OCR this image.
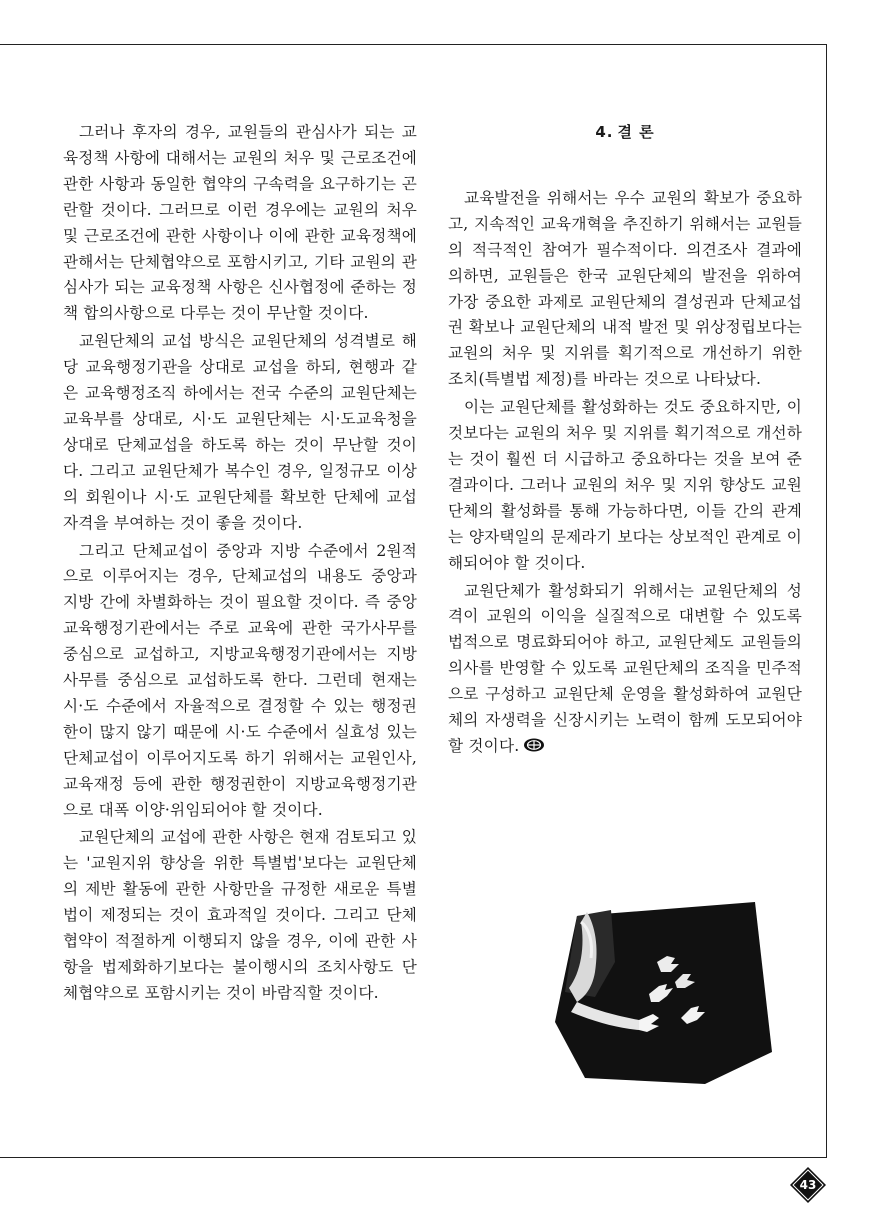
그러나 후자의 경우, 교원들의 관심사가 되는 교육정책 사항에 대해서는 교원의 처우 및 근로조건에 관한 사항과 동일한 협약의 구속력을 요구하기는 곤란할 것이다. 그러므로 이런 경우에는 교원의 처우 및 근로조건에 관한 사항이나 이에 관한 교육정책에 관해서는 단체협약으로 포함시키고, 기타 교원의 관심사가 되는 교육정책 사항은 신사협정에 준하는 정책 합의사항으로 다루는 것이 무난할 것이다.

교원단체의 교섭 방식은 교원단체의 성격별로 해당 교육행정기관을 상대로 교섭을 하되, 현행과 같은 교육행정조직 하에서는 전국 수준의 교원단체는 교육부를 상대로, 시·도 교원단체는 시·도교육청을 상대로 단체교섭을 하도록 하는 것이 무난할 것이다. 그리고 교원단체가 복수인 경우, 일정규모 이상의 회원이나 시·도 교원단체를 확보한 단체에 교섭 자격을 부여하는 것이 좋을 것이다.

그리고 단체교섭이 중앙과 지방 수준에서 2원적으로 이루어지는 경우, 단체교섭의 내용도 중앙과 지방 간에 차별화하는 것이 필요할 것이다. 즉 중앙교육행정기관에서는 주로 교육에 관한 국가사무를 중심으로 교섭하고, 지방교육행정기관에서는 지방사무를 중심으로 교섭하도록 한다. 그런데 현재는 시·도 수준에서 자율적으로 결정할 수 있는 행정권한이 많지 않기 때문에 시·도 수준에서 실효성 있는 단체교섭이 이루어지도록 하기 위해서는 교원인사, 교육재정 등에 관한 행정권한이 지방교육행정기관으로 대폭 이양·위임되어야 할 것이다.

교원단체의 교섭에 관한 사항은 현재 검토되고 있는 '교원지위 향상을 위한 특별법'보다는 교원단체의 제반 활동에 관한 사항만을 규정한 새로운 특별법이 제정되는 것이 효과적일 것이다. 그리고 단체협약이 적절하게 이행되지 않을 경우, 이에 관한 사항을 법제화하기보다는 불이행시의 조치사항도 단체협약으로 포함시키는 것이 바람직할 것이다.

4. 결 론

교육발전을 위해서는 우수 교원의 확보가 중요하고, 지속적인 교육개혁을 추진하기 위해서는 교원들의 적극적인 참여가 필수적이다. 의견조사 결과에 의하면, 교원들은 한국 교원단체의 발전을 위하여 가장 중요한 과제로 교원단체의 결성권과 단체교섭권 확보나 교원단체의 내적 발전 및 위상정립보다는 교원의 처우 및 지위를 획기적으로 개선하기 위한 조치(특별법 제정)를 바라는 것으로 나타났다.

이는 교원단체를 활성화하는 것도 중요하지만, 이것보다는 교원의 처우 및 지위를 획기적으로 개선하는 것이 훨씬 더 시급하고 중요하다는 것을 보여 준 결과이다. 그러나 교원의 처우 및 지위 향상도 교원단체의 활성화를 통해 가능하다면, 이들 간의 관계는 양자택일의 문제라기 보다는 상보적인 관계로 이해되어야 할 것이다.

교원단체가 활성화되기 위해서는 교원단체의 성격이 교원의 이익을 실질적으로 대변할 수 있도록 법적으로 명료화되어야 하고, 교원단체도 교원들의 의사를 반영할 수 있도록 교원단체의 조직을 민주적으로 구성하고 교원단체 운영을 활성화하여 교원단체의 자생력을 신장시키는 노력이 함께 도모되어야 할 것이다.

43
